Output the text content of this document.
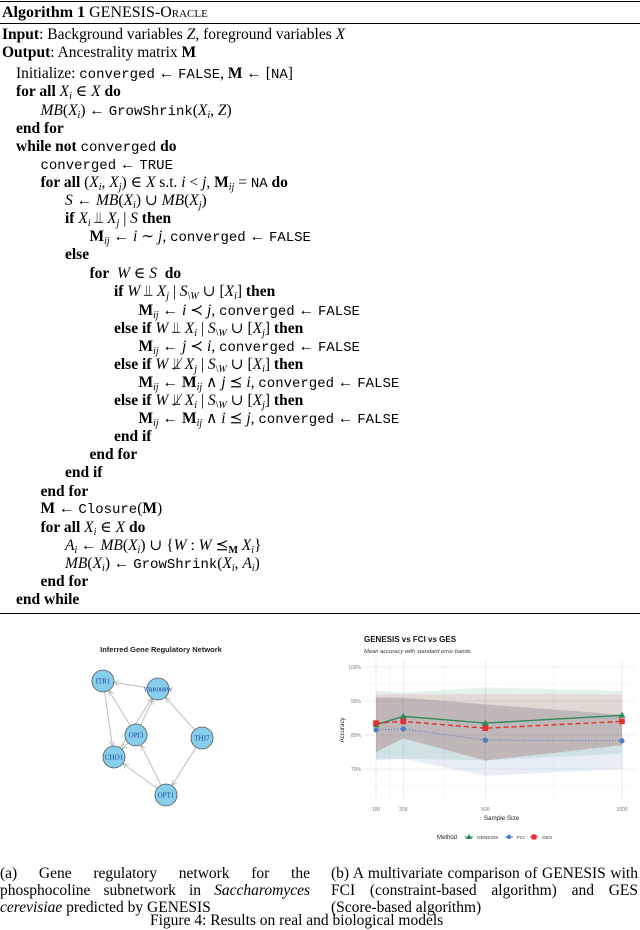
Algorithm 1 GENESIS-Oracle
Input: Background variables Z, foreground variables X
Output: Ancestrality matrix M
Initialize: converged ← FALSE, M ← [NA]
for all $X_i$ ∈ X do
$MB(X_i)$ ← $GrowShrink(X_i$, Z)
end for
while not converged do
converged ← TRUE
for all ($X_i$, $X_j$) ∈ X s.t. i < j, $M_{ij}$ = NA do
S ← $MB(X_i)$ ∪ $MB(X_j)$
if $X_i$ ⫫ $X_j$ | S then
$M_{ij}$ ← i ∼ j, converged ← FALSE
else
for W ∈ S do
if W ⫫ $X_j$ | $S_{\backslash W}$ ∪ $[X_i]$ then
$M_{ij}$ ← i ≺ j, converged ← FALSE
else if W ⫫ $X_i$ | $S_{\backslash W}$ ∪ $[X_j]$ then
$M_{ij}$ ← j ≺ i, converged ← FALSE
else if W ⫫̸ $X_j$ | $S_{\backslash W}$ ∪ $[X_i]$ then
$M_{ij}$ ← $M_{ij}$ ∧ j ⪯ i, converged ← FALSE
else if W ⫫̸ $X_i$ | $S_{\backslash W}$ ∪ $[X_j]$ then
$M_{ij}$ ← $M_{ij}$ ∧ i ⪯ j, converged ← FALSE
end if
end for
end if
end for
M ← Closure(M)
for all $X_i$ ∈ X do
$A_i$ ← $MB(X_i)$ ∪ {W : W $⪯_M$ $X_i$}
$MB(X_i)$ ← $GrowShrink(X_i$, $A_i$)
end for
end while
Inferred Gene Regulatory Network
ITR1
YBR008W
OPI3	THI7
CHO1
OPT1
(a) Gene regulatory network for the phosphocoline subnetwork in Saccharomyces cerevisiae predicted by GENESIS
GENESIS vs FCI vs GES
Mean accuracy with standard error bands
70%
80%
90%
100%
100	200	500	1000
Sample Size
Accuracy
Method	GENESIS	FCI	GES
(b) A multivariate comparison of GENESIS with FCI (constraint-based algorithm) and GES (Score-based algorithm)
Figure 4: Results on real and biological models
